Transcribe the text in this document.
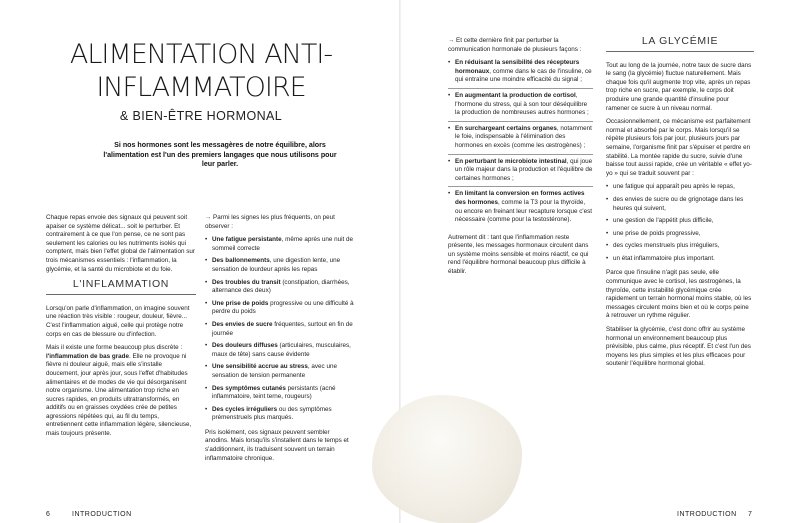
ALIMENTATION ANTI-INFLAMMATOIRE
& BIEN-ÊTRE HORMONAL

Si nos hormones sont les messagères de notre équilibre, alors l'alimentation est l'un des premiers langages que nous utilisons pour leur parler.

Chaque repas envoie des signaux qui peuvent soit apaiser ce système délicat... soit le perturber. Et contrairement à ce que l'on pense, ce ne sont pas seulement les calories ou les nutriments isolés qui comptent, mais bien l'effet global de l'alimentation sur trois mécanismes essentiels : l'inflammation, la glycémie, et la santé du microbiote et du foie.

L'INFLAMMATION

Lorsqu'on parle d'inflammation, on imagine souvent une réaction très visible : rougeur, douleur, fièvre... C'est l'inflammation aiguë, celle qui protège notre corps en cas de blessure ou d'infection.

Mais il existe une forme beaucoup plus discrète : l'inflammation de bas grade. Elle ne provoque ni fièvre ni douleur aiguë, mais elle s'installe doucement, jour après jour, sous l'effet d'habitudes alimentaires et de modes de vie qui désorganisent notre organisme. Une alimentation trop riche en sucres rapides, en produits ultratransformés, en additifs ou en graisses oxydées crée de petites agressions répétées qui, au fil du temps, entretiennent cette inflammation légère, silencieuse, mais toujours présente.

→ Parmi les signes les plus fréquents, on peut observer :

• Une fatigue persistante, même après une nuit de sommeil correcte
• Des ballonnements, une digestion lente, une sensation de lourdeur après les repas
• Des troubles du transit (constipation, diarrhées, alternance des deux)
• Une prise de poids progressive ou une difficulté à perdre du poids
• Des envies de sucre fréquentes, surtout en fin de journée
• Des douleurs diffuses (articulaires, musculaires, maux de tête) sans cause évidente
• Une sensibilité accrue au stress, avec une sensation de tension permanente
• Des symptômes cutanés persistants (acné inflammatoire, teint terne, rougeurs)
• Des cycles irréguliers ou des symptômes prémenstruels plus marqués.

Pris isolément, ces signaux peuvent sembler anodins. Mais lorsqu'ils s'installent dans le temps et s'additionnent, ils traduisent souvent un terrain inflammatoire chronique.

6	INTRODUCTION

→ Et cette dernière finit par perturber la communication hormonale de plusieurs façons :

• En réduisant la sensibilité des récepteurs hormonaux, comme dans le cas de l'insuline, ce qui entraîne une moindre efficacité du signal ;
• En augmentant la production de cortisol, l'hormone du stress, qui à son tour déséquilibre la production de nombreuses autres hormones ;
• En surchargeant certains organes, notamment le foie, indispensable à l'élimination des hormones en excès (comme les œstrogènes) ;
• En perturbant le microbiote intestinal, qui joue un rôle majeur dans la production et l'équilibre de certaines hormones ;
• En limitant la conversion en formes actives des hormones, comme la T3 pour la thyroïde, ou encore en freinant leur recapture lorsque c'est nécessaire (comme pour la testostérone).

Autrement dit : tant que l'inflammation reste présente, les messages hormonaux circulent dans un système moins sensible et moins réactif, ce qui rend l'équilibre hormonal beaucoup plus difficile à établir.

LA GLYCÉMIE

Tout au long de la journée, notre taux de sucre dans le sang (la glycémie) fluctue naturellement. Mais chaque fois qu'il augmente trop vite, après un repas trop riche en sucre, par exemple, le corps doit produire une grande quantité d'insuline pour ramener ce sucre à un niveau normal.

Occasionnellement, ce mécanisme est parfaitement normal et absorbé par le corps. Mais lorsqu'il se répète plusieurs fois par jour, plusieurs jours par semaine, l'organisme finit par s'épuiser et perdre en stabilité. La montée rapide du sucre, suivie d'une baisse tout aussi rapide, crée un véritable « effet yo-yo » qui se traduit souvent par :

• une fatigue qui apparaît peu après le repas,
• des envies de sucre ou de grignotage dans les heures qui suivent,
• une gestion de l'appétit plus difficile,
• une prise de poids progressive,
• des cycles menstruels plus irréguliers,
• un état inflammatoire plus important.

Parce que l'insuline n'agit pas seule, elle communique avec le cortisol, les œstrogènes, la thyroïde, cette instabilité glycémique crée rapidement un terrain hormonal moins stable, où les messages circulent moins bien et où le corps peine à retrouver un rythme régulier.

Stabiliser la glycémie, c'est donc offrir au système hormonal un environnement beaucoup plus prévisible, plus calme, plus réceptif. Et c'est l'un des moyens les plus simples et les plus efficaces pour soutenir l'équilibre hormonal global.

INTRODUCTION 7
